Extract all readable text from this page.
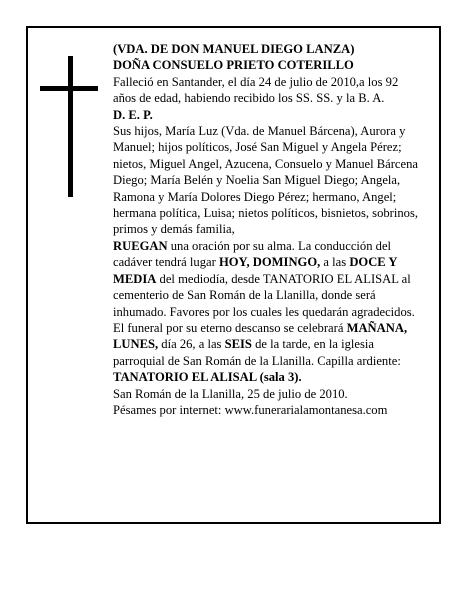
(VDA. DE DON MANUEL DIEGO LANZA)

DOÑA CONSUELO PRIETO COTERILLO

Falleció en Santander, el día 24 de julio de 2010,a los 92 años de edad, habiendo recibido los SS. SS. y la B. A.

D. E. P.

Sus hijos, María Luz (Vda. de Manuel Bárcena), Aurora y Manuel; hijos políticos, José San Miguel y Angela Pérez; nietos, Miguel Angel, Azucena, Consuelo y Manuel Bárcena Diego; María Belén y Noelia San Miguel Diego; Angela, Ramona y María Dolores Diego Pérez; hermano, Angel; hermana política, Luisa; nietos políticos, bisnietos, sobrinos, primos y demás familia,

RUEGAN una oración por su alma. La conducción del cadáver tendrá lugar HOY, DOMINGO, a las DOCE Y MEDIA del mediodía, desde TANATORIO EL ALISAL al cementerio de San Román de la Llanilla, donde será inhumado. Favores por los cuales les quedarán agradecidos. El funeral por su eterno descanso se celebrará MAÑANA, LUNES, día 26, a las SEIS de la tarde, en la iglesia parroquial de San Román de la Llanilla. Capilla ardiente: TANATORIO EL ALISAL (sala 3).

San Román de la Llanilla, 25 de julio de 2010.

Pésames por internet: www.funerarialamontanesa.com
